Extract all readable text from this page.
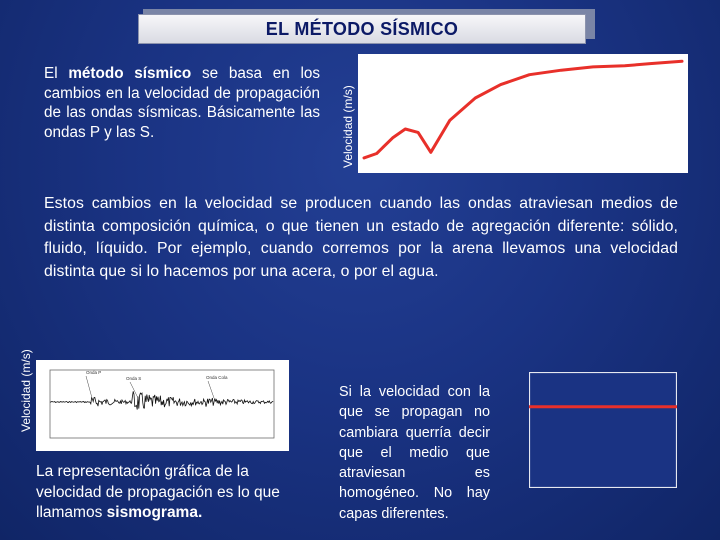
EL MÉTODO SÍSMICO
El método sísmico se basa en los cambios en la velocidad de propagación de las ondas sísmicas. Básicamente las ondas P y las S.	Velocidad (m/s)
Estos cambios en la velocidad se producen cuando las ondas atraviesan medios de distinta composición química, o que tienen un estado de agregación diferente: sólido, fluido, líquido. Por ejemplo, cuando corremos por la arena llevamos una velocidad distinta que si lo hacemos por una acera, o por el agua.
Velocidad (m/s)	Onda P
Onda S	Onda Cola
La representación gráfica de la velocidad de propagación es lo que llamamos sismograma.
Si la velocidad con la que se propagan no cambiara querría decir que el medio que atraviesan es homogéneo. No hay capas diferentes.
